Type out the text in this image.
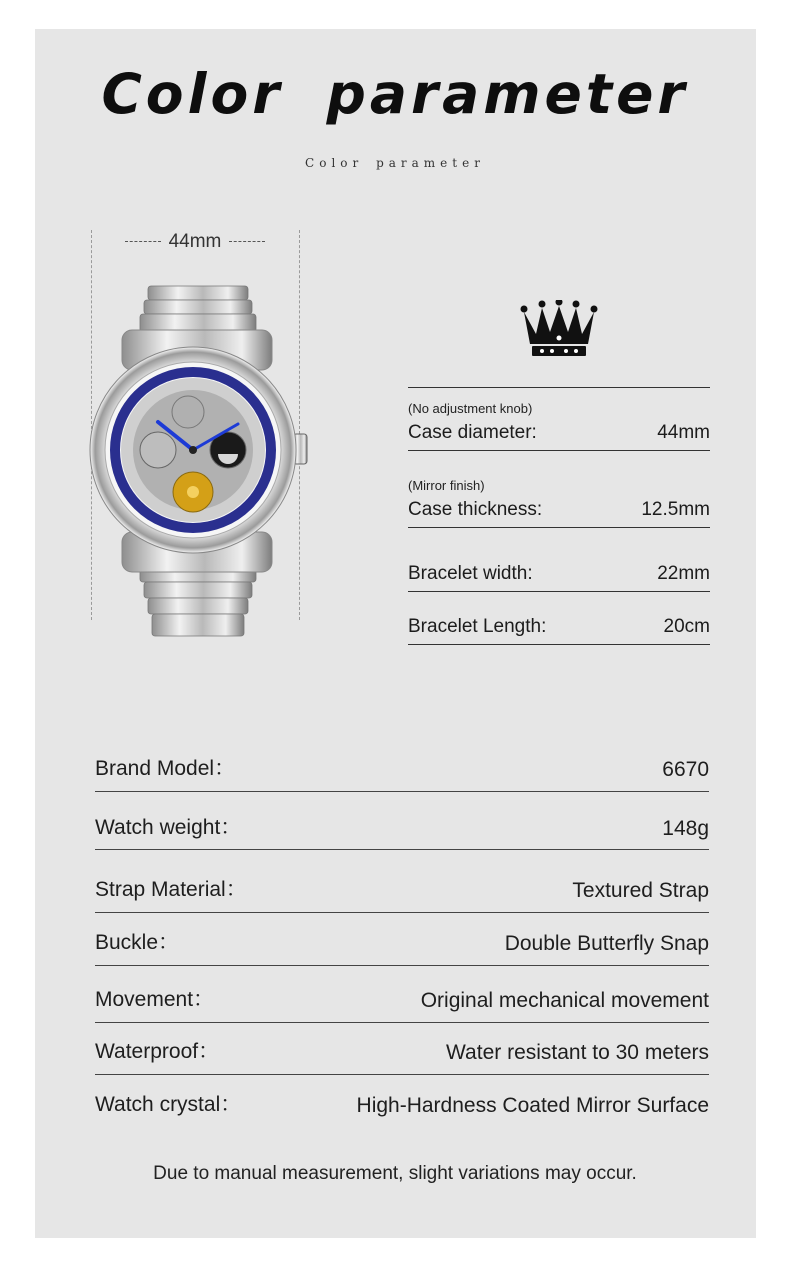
Color parameter
Color parameter
44mm
(No adjustment knob)
Case diameter:	44mm
(Mirror finish)
Case thickness:	12.5mm
Bracelet width:	22mm
Bracelet Length:	20cm
Brand Model：	6670
Watch weight：	148g
Strap Material：	Textured Strap
Buckle：	Double Butterfly Snap
Movement：	Original mechanical movement
Waterproof：	Water resistant to 30 meters
Watch crystal：	High-Hardness Coated Mirror Surface
Due to manual measurement, slight variations may occur.
